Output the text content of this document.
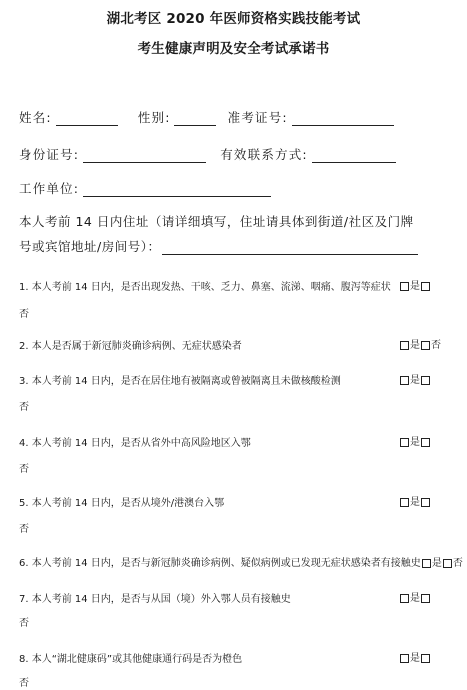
湖北考区 2020 年医师资格实践技能考试
考生健康声明及安全考试承诺书
姓名:	性别:	准考证号:
身份证号:	有效联系方式:
工作单位:
本人考前 14 日内住址（请详细填写，住址请具体到街道/社区及门牌
号或宾馆地址/房间号）：
1. 本人考前 14 日内，是否出现发热、干咳、乏力、鼻塞、流涕、咽痛、腹泻等症状	是
否
2. 本人是否属于新冠肺炎确诊病例、无症状感染者	是 否
3. 本人考前 14 日内，是否在居住地有被隔离或曾被隔离且未做核酸检测	是
否
4. 本人考前 14 日内，是否从省外中高风险地区入鄂	是
否
5. 本人考前 14 日内，是否从境外/港澳台入鄂	是
否
6. 本人考前 14 日内，是否与新冠肺炎确诊病例、疑似病例或已发现无症状感染者有接触史 是 否
7. 本人考前 14 日内，是否与从国（境）外入鄂人员有接触史	是
否
8. 本人“湖北健康码”或其他健康通行码是否为橙色	是
否
